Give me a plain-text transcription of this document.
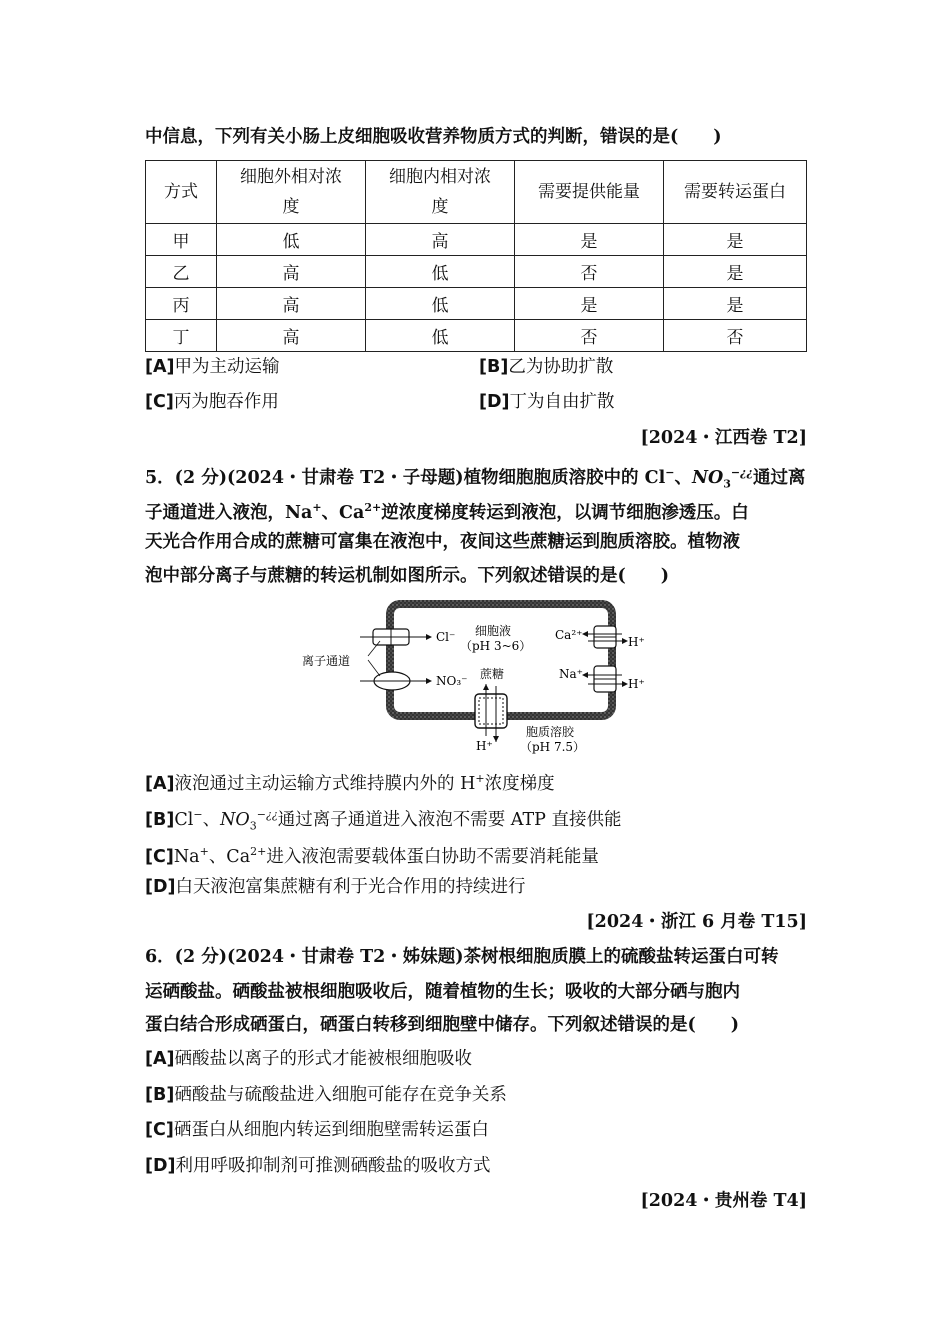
中信息，下列有关小肠上皮细胞吸收营养物质方式的判断，错误的是(　　)
方式	细胞外相对浓度	细胞内相对浓度	需要提供能量	需要转运蛋白
甲	低	高	是	是
乙	高	低	否	是
丙	高	低	是	是
丁	高	低	否	否
[A]甲为主动运输	[B]乙为协助扩散
[C]丙为胞吞作用	[D]丁为自由扩散
[2024・江西卷 T2]
5．(2 分)(2024・甘肃卷 T2・子母题)植物细胞胞质溶胶中的 Cl−、$NO_3^{-¿¿}$通过离
子通道进入液泡，Na+、$Ca^{2+}$逆浓度梯度转运到液泡，以调节细胞渗透压。白
天光合作用合成的蔗糖可富集在液泡中，夜间这些蔗糖运到胞质溶胶。植物液
泡中部分离子与蔗糖的转运机制如图所示。下列叙述错误的是(　　)
离子通道
Cl⁻
NO₃⁻
细胞液
（pH 3~6）
蔗糖
Ca²⁺	H⁺
Na⁺
H⁺
H⁺
胞质溶胶
（pH 7.5）
[A]液泡通过主动运输方式维持膜内外的 H+浓度梯度
[B]Cl−、$NO_3^{-¿¿}$通过离子通道进入液泡不需要 ATP 直接供能
[C]Na+、$Ca^{2+}$进入液泡需要载体蛋白协助不需要消耗能量
[D]白天液泡富集蔗糖有利于光合作用的持续进行
[2024・浙江 6 月卷 T15]
6．(2 分)(2024・甘肃卷 T2・姊妹题)茶树根细胞质膜上的硫酸盐转运蛋白可转
运硒酸盐。硒酸盐被根细胞吸收后，随着植物的生长；吸收的大部分硒与胞内
蛋白结合形成硒蛋白，硒蛋白转移到细胞壁中储存。下列叙述错误的是(　　)
[A]硒酸盐以离子的形式才能被根细胞吸收
[B]硒酸盐与硫酸盐进入细胞可能存在竞争关系
[C]硒蛋白从细胞内转运到细胞壁需转运蛋白
[D]利用呼吸抑制剂可推测硒酸盐的吸收方式
[2024・贵州卷 T4]
